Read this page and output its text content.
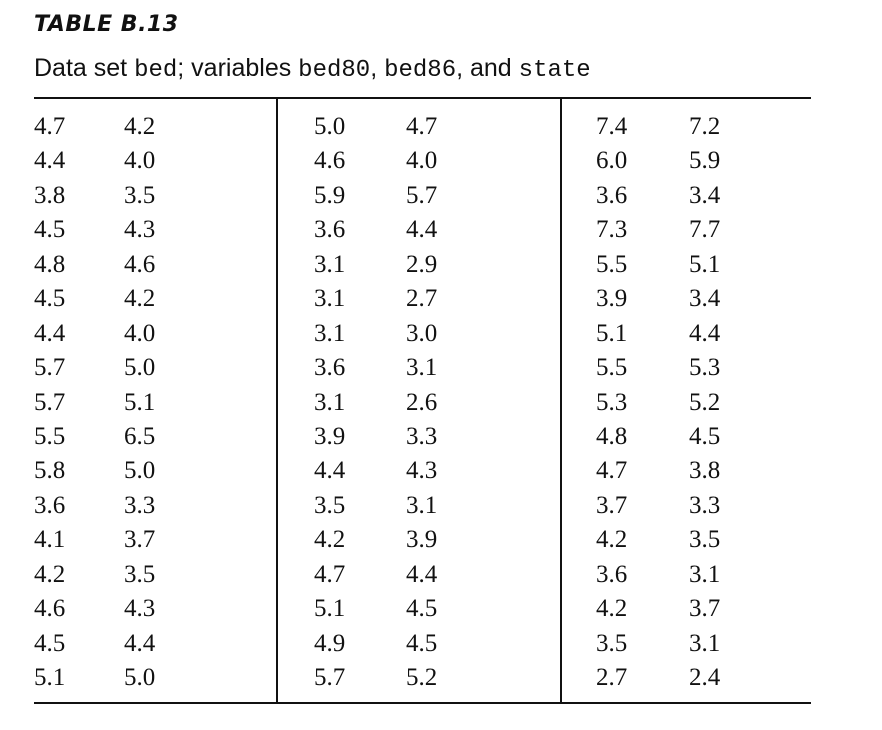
TABLE B.13
Data set bed; variables bed80, bed86, and state
4.7 4.2
4.4 4.0
3.8 3.5
4.5 4.3
4.8 4.6
4.5 4.2
4.4 4.0
5.7 5.0
5.7 5.1
5.5 6.5
5.8 5.0
3.6 3.3
4.1 3.7
4.2 3.5
4.6 4.3
4.5 4.4
5.1 5.0
5.0 4.7
4.6 4.0
5.9 5.7
3.6 4.4
3.1 2.9
3.1 2.7
3.1 3.0
3.6 3.1
3.1 2.6
3.9 3.3
4.4 4.3
3.5 3.1
4.2 3.9
4.7 4.4
5.1 4.5
4.9 4.5
5.7 5.2
7.4 7.2
6.0 5.9
3.6 3.4
7.3 7.7
5.5 5.1
3.9 3.4
5.1 4.4
5.5 5.3
5.3 5.2
4.8 4.5
4.7 3.8
3.7 3.3
4.2 3.5
3.6 3.1
4.2 3.7
3.5 3.1
2.7 2.4
